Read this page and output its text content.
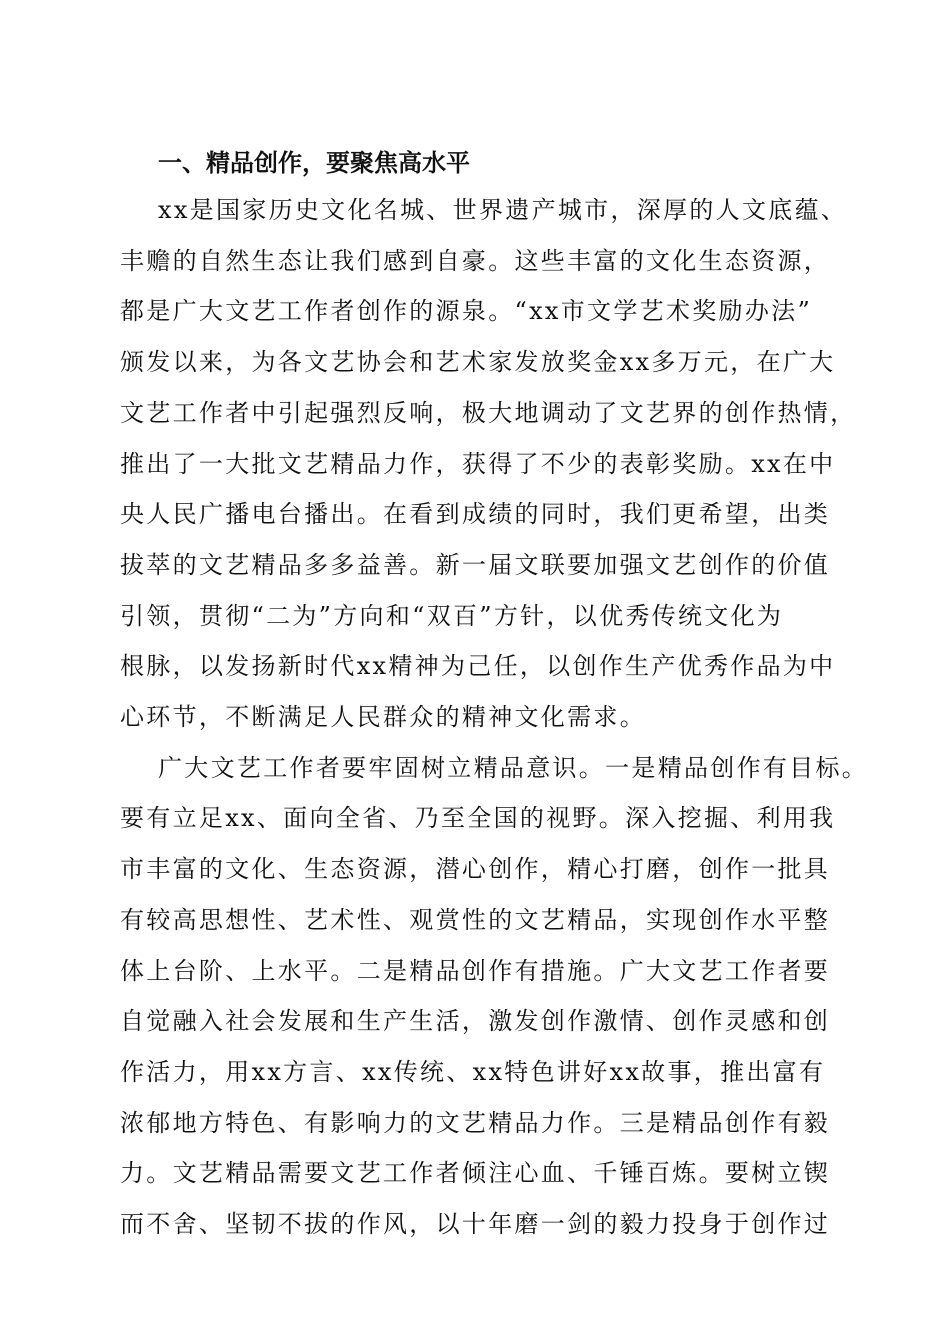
一、精品创作，要聚焦高水平

xx是国家历史文化名城、世界遗产城市，深厚的人文底蕴、
丰赡的自然生态让我们感到自豪。这些丰富的文化生态资源，
都是广大文艺工作者创作的源泉。“xx市文学艺术奖励办法”
颁发以来，为各文艺协会和艺术家发放奖金xx多万元，在广大
文艺工作者中引起强烈反响，极大地调动了文艺界的创作热情，
推出了一大批文艺精品力作，获得了不少的表彰奖励。xx在中
央人民广播电台播出。在看到成绩的同时，我们更希望，出类
拔萃的文艺精品多多益善。新一届文联要加强文艺创作的价值
引领，贯彻“二为”方向和“双百”方针，以优秀传统文化为
根脉，以发扬新时代xx精神为己任，以创作生产优秀作品为中
心环节，不断满足人民群众的精神文化需求。

广大文艺工作者要牢固树立精品意识。一是精品创作有目标。
要有立足xx、面向全省、乃至全国的视野。深入挖掘、利用我
市丰富的文化、生态资源，潜心创作，精心打磨，创作一批具
有较高思想性、艺术性、观赏性的文艺精品，实现创作水平整
体上台阶、上水平。二是精品创作有措施。广大文艺工作者要
自觉融入社会发展和生产生活，激发创作激情、创作灵感和创
作活力，用xx方言、xx传统、xx特色讲好xx故事，推出富有
浓郁地方特色、有影响力的文艺精品力作。三是精品创作有毅
力。文艺精品需要文艺工作者倾注心血、千锤百炼。要树立锲
而不舍、坚韧不拔的作风，以十年磨一剑的毅力投身于创作过
